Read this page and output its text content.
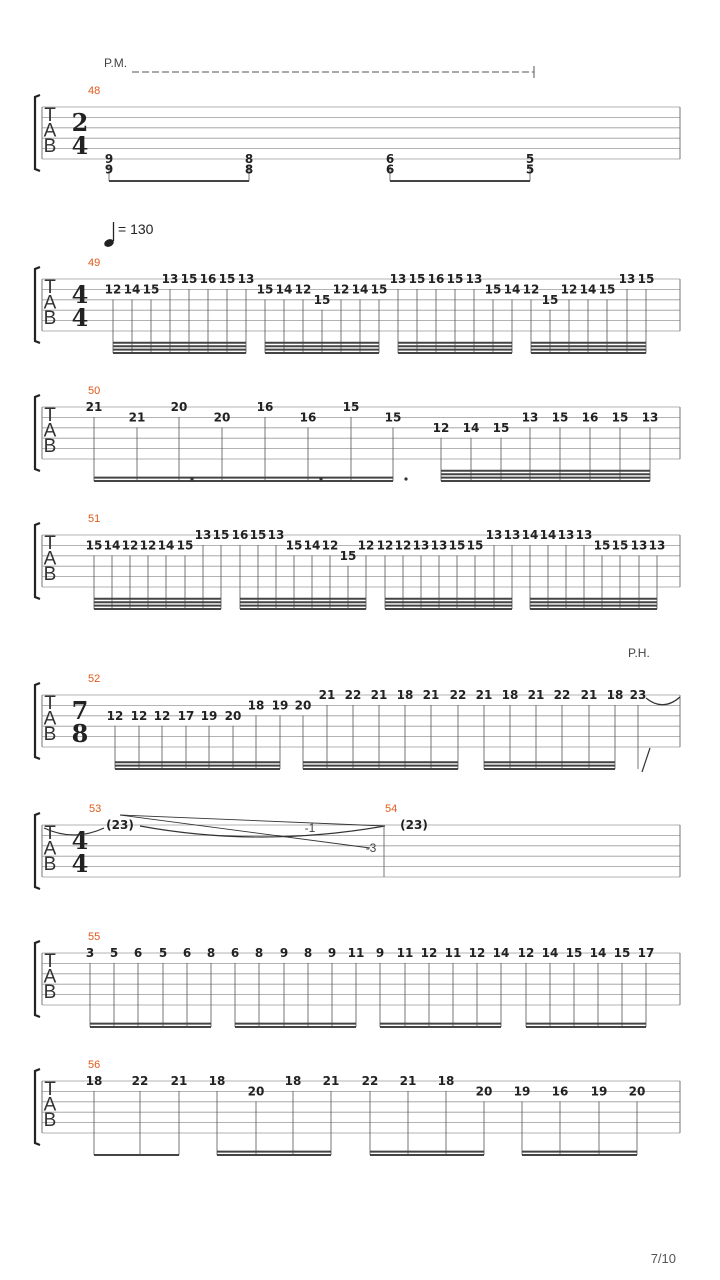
P.M.
P.H.
7/10
= 130
T
A
B
48
2
4
T
A
B
49
4
4
T
A
B
50
T
A
B
51
T
A
B
52
7
8
T
A
B
53
4
4
T
A
B
55
T
A
B
56
9
9
8
8
6
6
5
5
12 14 15
13 15 16 15 13
15 14 12
15
12 14 15
13 15 16 15 13
15 14 12
15
12 14 15
13 15
21
21
20
20
16
16
15
15
12 14 15
13 15 16 15 13
15 14 12 12 14 15
13 15 16 15 13
15 14 12
15
12 12 12 13 13 15 15
13 13 14 14 13 13
15 15 13 13
12 12 12 17 19 20
18 19 20
21 22 21 18 21 22 21 18 21 22 21 18 23
(23)	(23)
3 5 6 5 6 8 6 8 9 8 9 11 9 11 12 11 12 14 12 14 15 14 15 17
18 22 21 18
20
18 21 22 21 18
20 19 16 19 20
-1
-3
54
